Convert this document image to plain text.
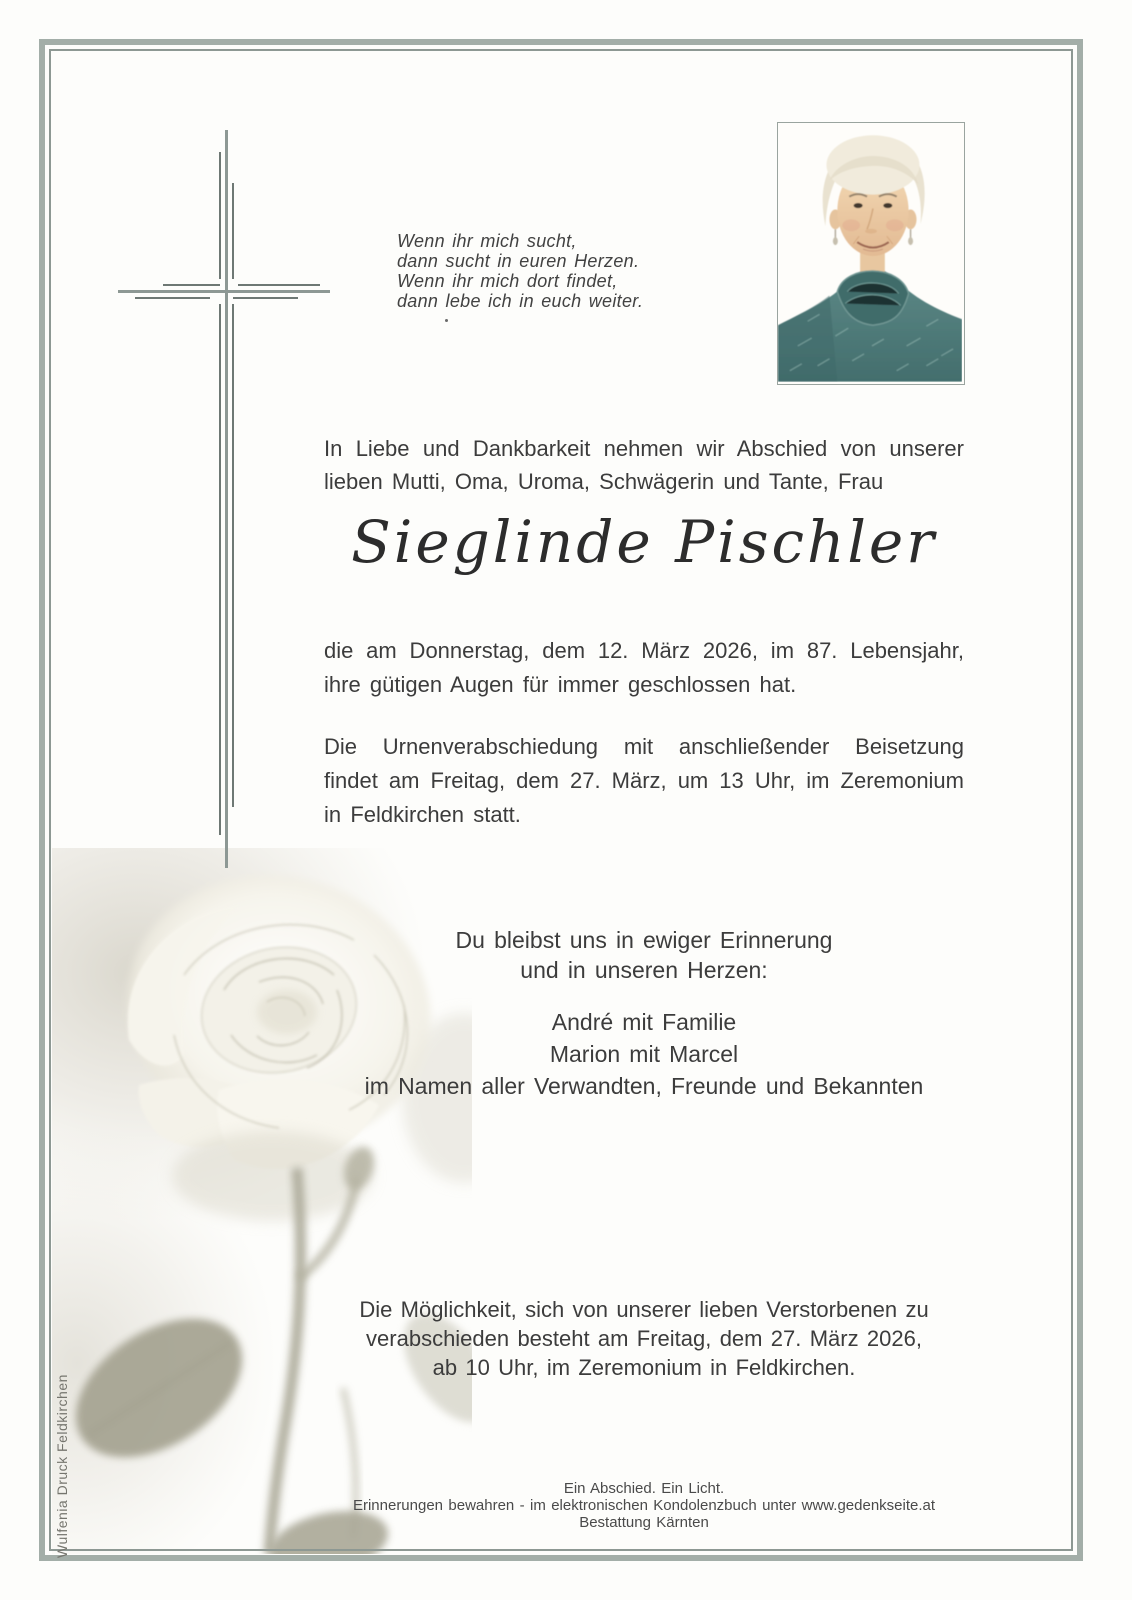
Wenn ihr mich sucht,
dann sucht in euren Herzen.
Wenn ihr mich dort findet,
dann lebe ich in euch weiter.
In Liebe und Dankbarkeit nehmen wir Abschied von unserer
lieben Mutti, Oma, Uroma, Schwägerin und Tante, Frau
Sieglinde Pischler
die am Donnerstag, dem 12. März 2026, im 87. Lebensjahr,
ihre gütigen Augen für immer geschlossen hat.
Die Urnenverabschiedung mit anschließender Beisetzung
findet am Freitag, dem 27. März, um 13 Uhr, im Zeremonium
in Feldkirchen statt.
Du bleibst uns in ewiger Erinnerung
und in unseren Herzen:
André mit Familie
Marion mit Marcel
im Namen aller Verwandten, Freunde und Bekannten
Die Möglichkeit, sich von unserer lieben Verstorbenen zu
verabschieden besteht am Freitag, dem 27. März 2026,
ab 10 Uhr, im Zeremonium in Feldkirchen.
Ein Abschied. Ein Licht.
Erinnerungen bewahren - im elektronischen Kondolenzbuch unter www.gedenkseite.at
Bestattung Kärnten
Wulfenia Druck Feldkirchen
